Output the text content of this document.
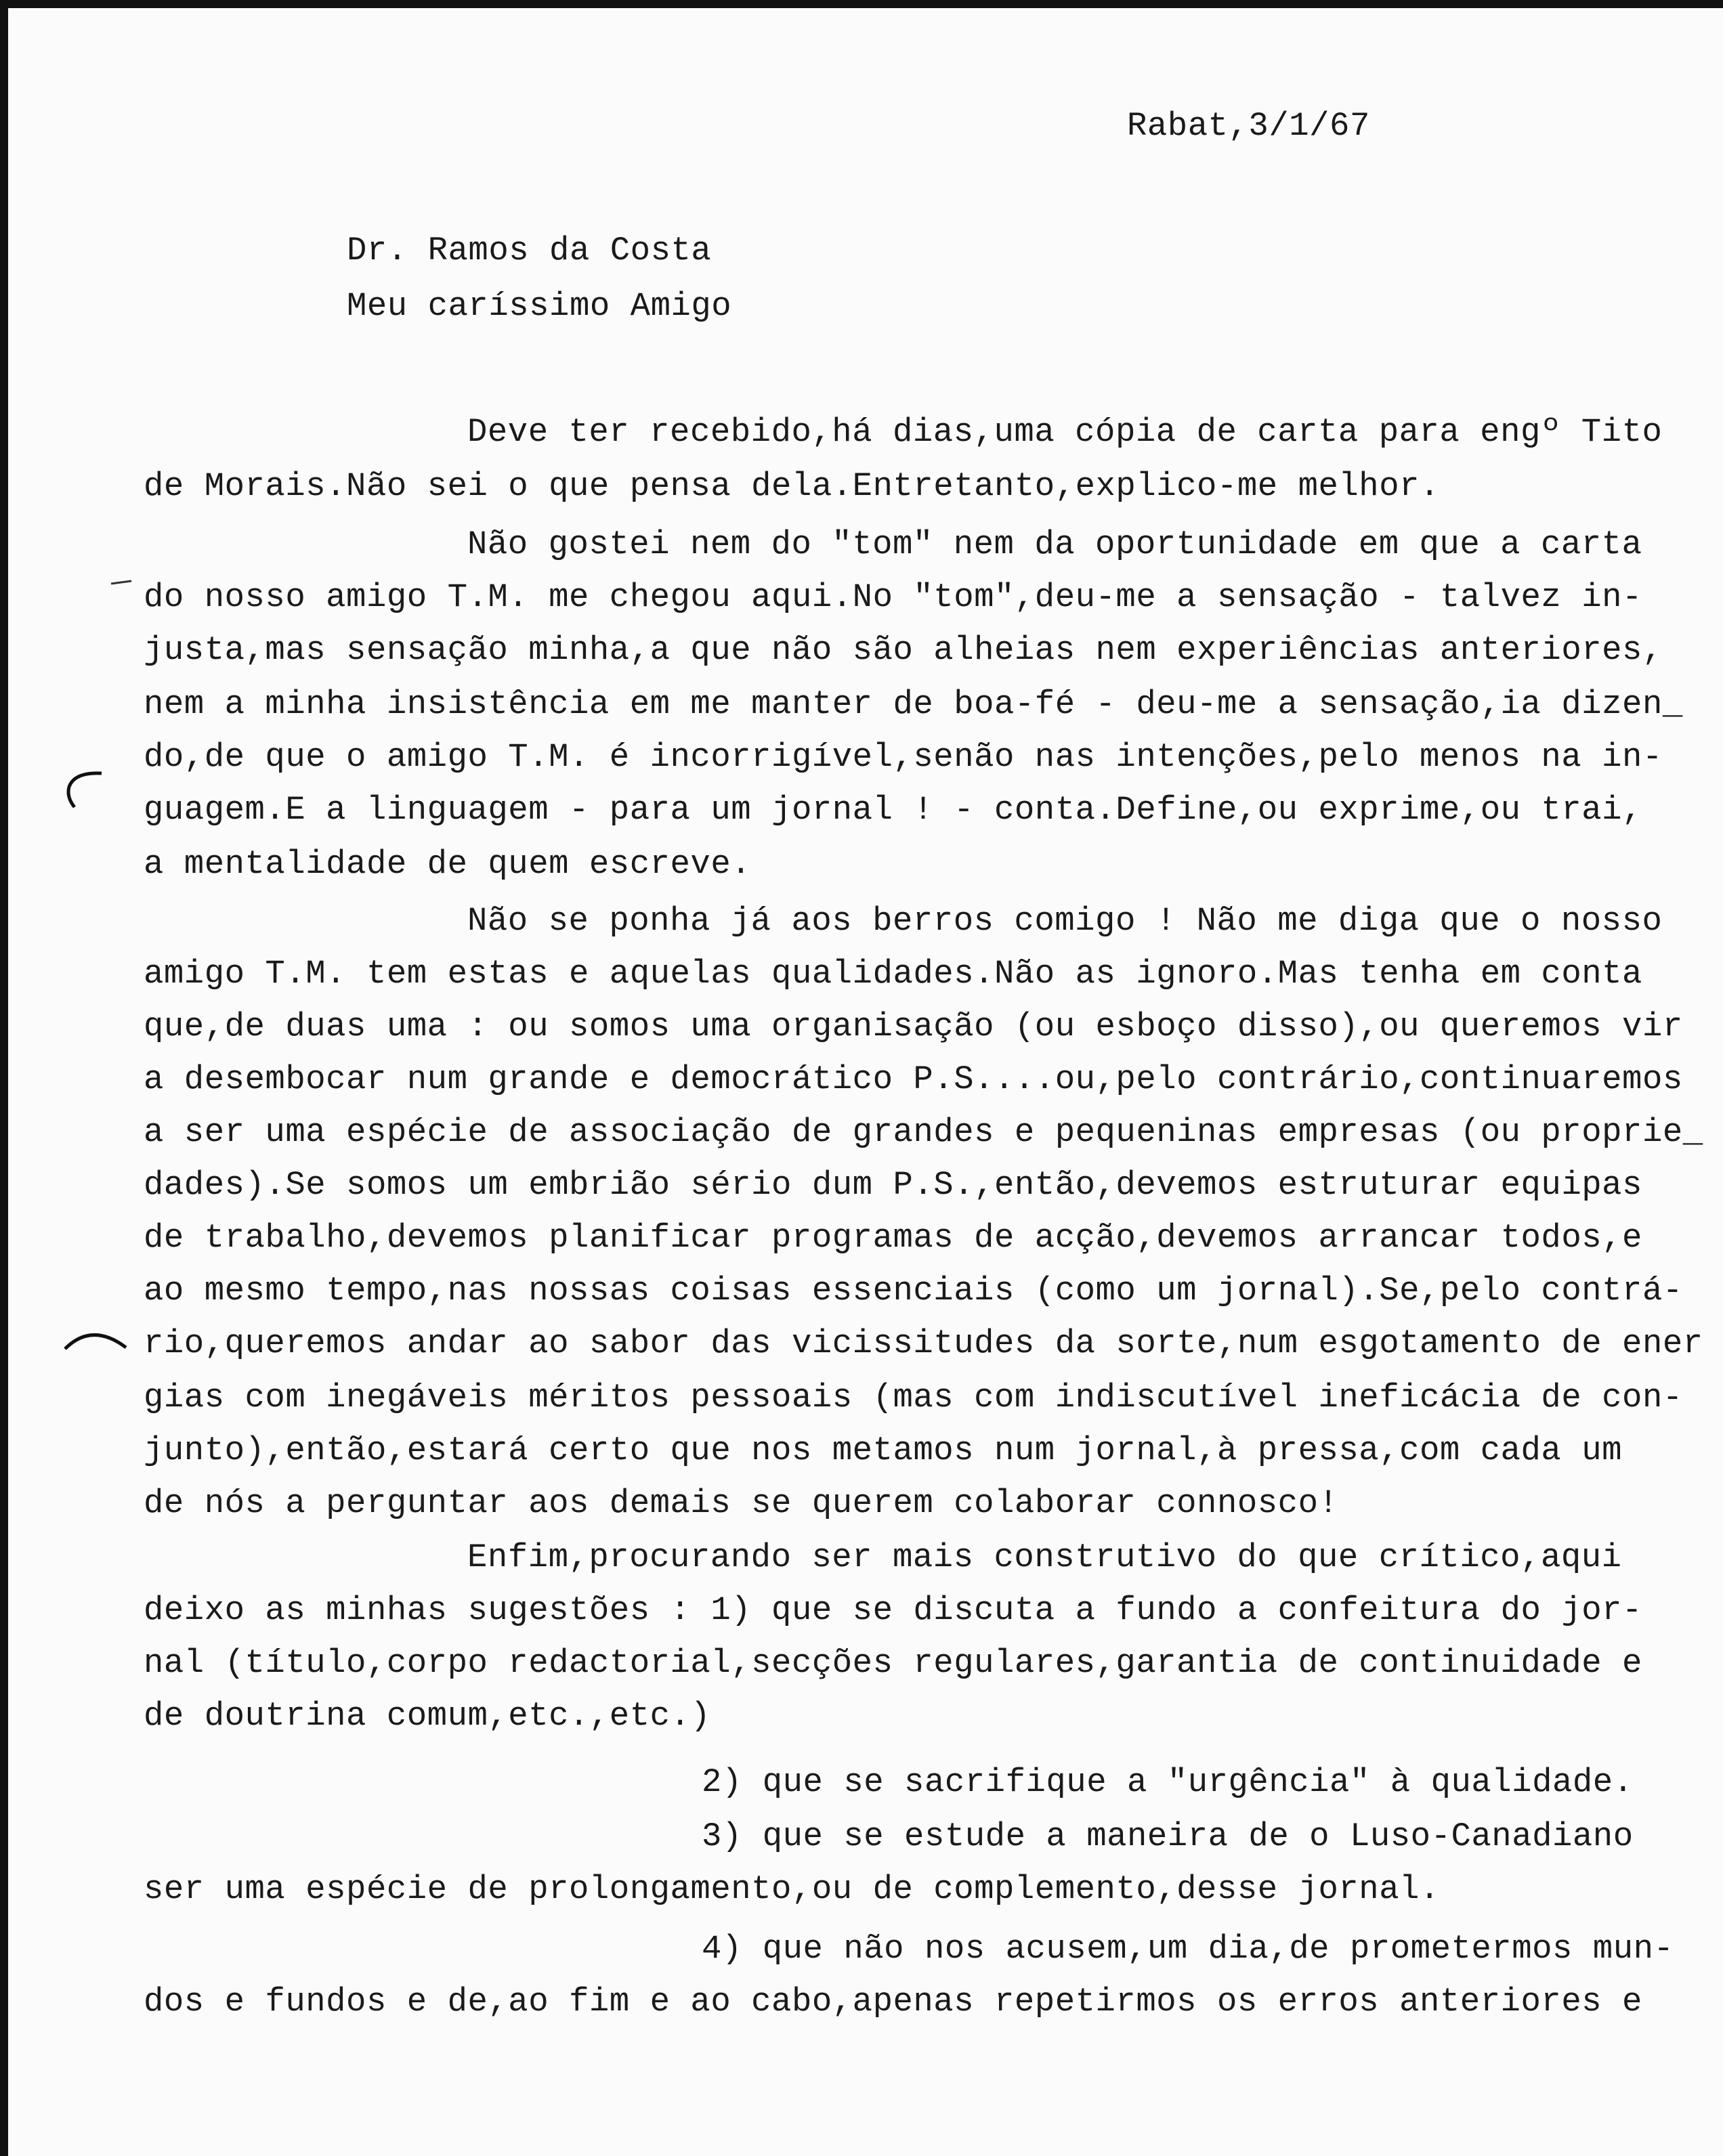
Rabat,3/1/67
Dr. Ramos da Costa
Meu caríssimo Amigo
Deve ter recebido,há dias,uma cópia de carta para engº Tito
de Morais.Não sei o que pensa dela.Entretanto,explico-me melhor.
Não gostei nem do "tom" nem da oportunidade em que a carta
do nosso amigo T.M. me chegou aqui.No "tom",deu-me a sensação - talvez in-
justa,mas sensação minha,a que não são alheias nem experiências anteriores,
nem a minha insistência em me manter de boa-fé - deu-me a sensação,ia dizen_
do,de que o amigo T.M. é incorrigível,senão nas intenções,pelo menos na in-
guagem.E a linguagem - para um jornal ! - conta.Define,ou exprime,ou trai,
a mentalidade de quem escreve.
Não se ponha já aos berros comigo ! Não me diga que o nosso
amigo T.M. tem estas e aquelas qualidades.Não as ignoro.Mas tenha em conta
que,de duas uma : ou somos uma organisação (ou esboço disso),ou queremos vir
a desembocar num grande e democrático P.S....ou,pelo contrário,continuaremos
a ser uma espécie de associação de grandes e pequeninas empresas (ou proprie_
dades).Se somos um embrião sério dum P.S.,então,devemos estruturar equipas
de trabalho,devemos planificar programas de acção,devemos arrancar todos,e
ao mesmo tempo,nas nossas coisas essenciais (como um jornal).Se,pelo contrá-
rio,queremos andar ao sabor das vicissitudes da sorte,num esgotamento de ener
gias com inegáveis méritos pessoais (mas com indiscutível ineficácia de con-
junto),então,estará certo que nos metamos num jornal,à pressa,com cada um
de nós a perguntar aos demais se querem colaborar connosco!
Enfim,procurando ser mais construtivo do que crítico,aqui
deixo as minhas sugestões : 1) que se discuta a fundo a confeitura do jor-
nal (título,corpo redactorial,secções regulares,garantia de continuidade e
de doutrina comum,etc.,etc.)
2) que se sacrifique a "urgência" à qualidade.
3) que se estude a maneira de o Luso-Canadiano
ser uma espécie de prolongamento,ou de complemento,desse jornal.
4) que não nos acusem,um dia,de prometermos mun-
dos e fundos e de,ao fim e ao cabo,apenas repetirmos os erros anteriores e
